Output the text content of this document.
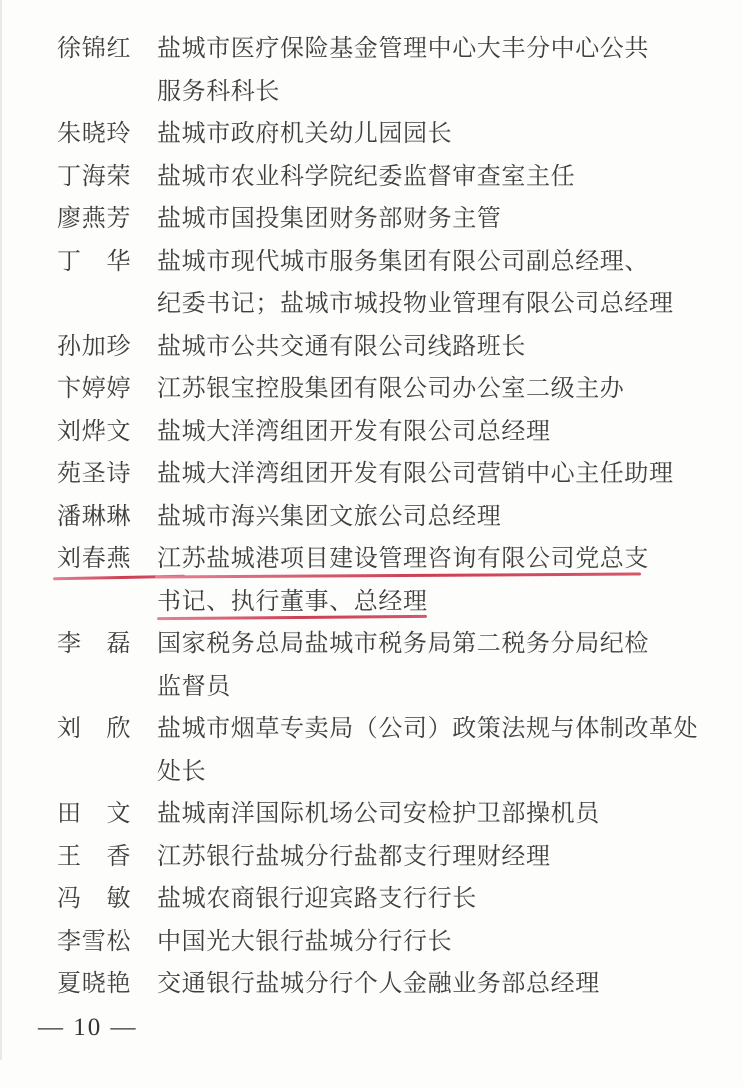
徐锦红 盐城市医疗保险基金管理中心大丰分中心公共
服务科科长
朱晓玲 盐城市政府机关幼儿园园长
丁海荣 盐城市农业科学院纪委监督审查室主任
廖燕芳 盐城市国投集团财务部财务主管
丁华 盐城市现代城市服务集团有限公司副总经理、
纪委书记；盐城市城投物业管理有限公司总经理
孙加珍 盐城市公共交通有限公司线路班长
卞婷婷 江苏银宝控股集团有限公司办公室二级主办
刘烨文 盐城大洋湾组团开发有限公司总经理
苑圣诗 盐城大洋湾组团开发有限公司营销中心主任助理
潘琳琳 盐城市海兴集团文旅公司总经理
刘春燕 江苏盐城港项目建设管理咨询有限公司党总支
书记、执行董事、总经理
李磊 国家税务总局盐城市税务局第二税务分局纪检
监督员
刘欣 盐城市烟草专卖局（公司）政策法规与体制改革处
处长
田文 盐城南洋国际机场公司安检护卫部操机员
王香 江苏银行盐城分行盐都支行理财经理
冯敏 盐城农商银行迎宾路支行行长
李雪松 中国光大银行盐城分行行长
夏晓艳 交通银行盐城分行个人金融业务部总经理
— 10 —
